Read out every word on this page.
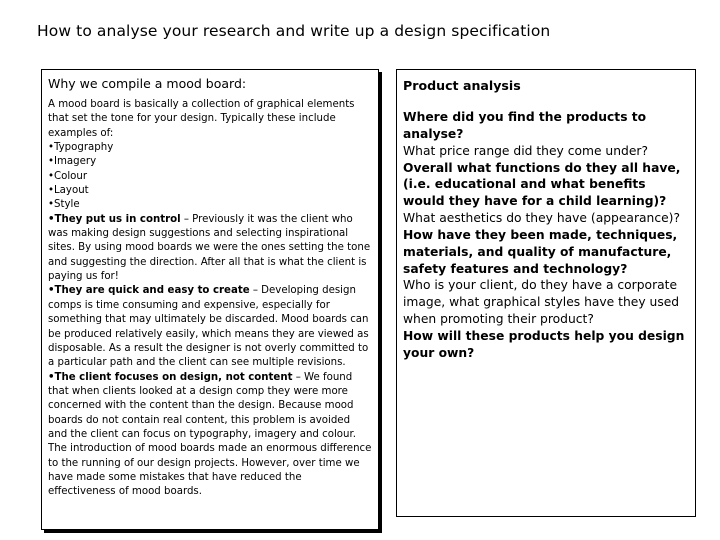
How to analyse your research and write up a design specification
Why we compile a mood board:

A mood board is basically a collection of graphical elements that set the tone for your design. Typically these include examples of:

•Typography

•Imagery

•Colour

•Layout

•Style

•They put us in control – Previously it was the client who was making design suggestions and selecting inspirational sites. By using mood boards we were the ones setting the tone and suggesting the direction. After all that is what the client is paying us for!

•They are quick and easy to create – Developing design comps is time consuming and expensive, especially for something that may ultimately be discarded. Mood boards can be produced relatively easily, which means they are viewed as disposable. As a result the designer is not overly committed to a particular path and the client can see multiple revisions.

•The client focuses on design, not content – We found that when clients looked at a design comp they were more concerned with the content than the design. Because mood boards do not contain real content, this problem is avoided and the client can focus on typography, imagery and colour.

The introduction of mood boards made an enormous difference to the running of our design projects. However, over time we have made some mistakes that have reduced the effectiveness of mood boards.

Product analysis

Where did you find the products to analyse?

What price range did they come under?

Overall what functions do they all have, (i.e. educational and what benefits would they have for a child learning)?

What aesthetics do they have (appearance)?

How have they been made, techniques, materials, and quality of manufacture, safety features and technology?

Who is your client, do they have a corporate image, what graphical styles have they used when promoting their product?

How will these products help you design your own?
